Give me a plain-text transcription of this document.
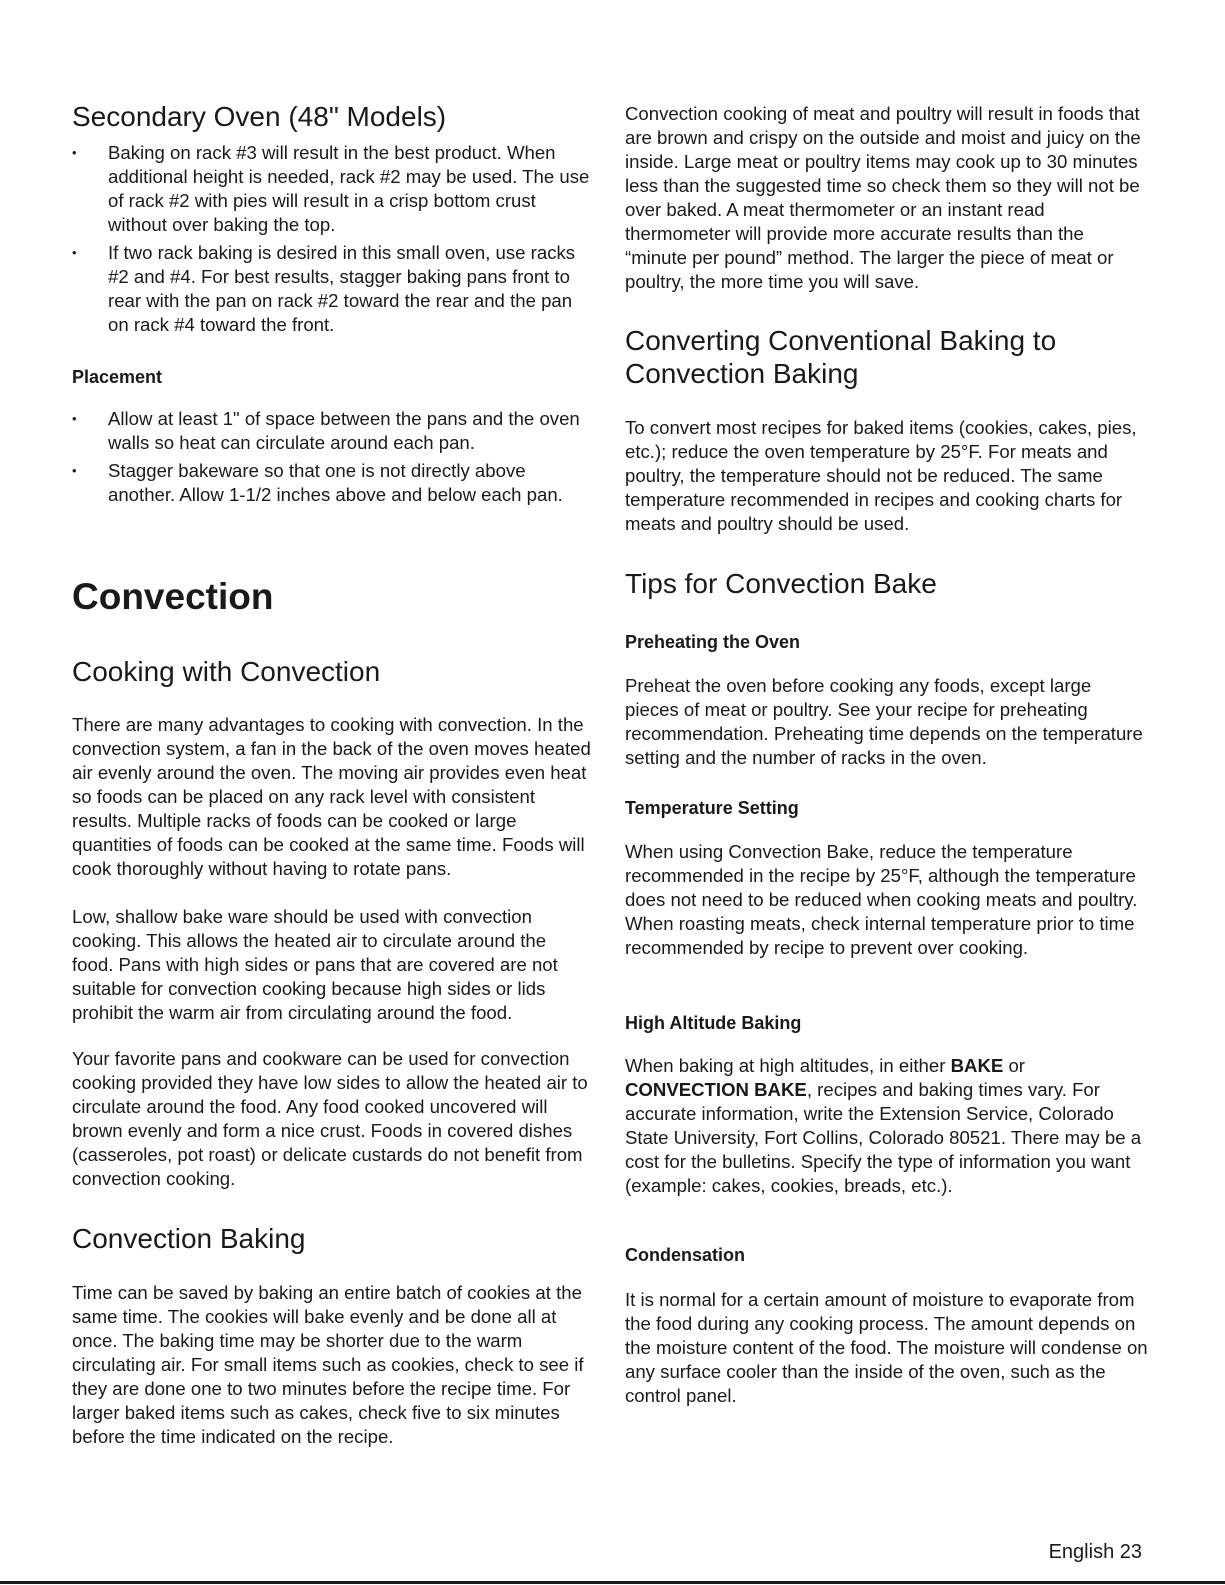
Secondary Oven (48" Models)
• Baking on rack #3 will result in the best product. When additional height is needed, rack #2 may be used. The use of rack #2 with pies will result in a crisp bottom crust without over baking the top.
• If two rack baking is desired in this small oven, use racks #2 and #4. For best results, stagger baking pans front to rear with the pan on rack #2 toward the rear and the pan on rack #4 toward the front.
Placement
• Allow at least 1" of space between the pans and the oven walls so heat can circulate around each pan.
• Stagger bakeware so that one is not directly above another. Allow 1-1/2 inches above and below each pan.
Convection
Cooking with Convection

There are many advantages to cooking with convection. In the convection system, a fan in the back of the oven moves heated air evenly around the oven. The moving air provides even heat so foods can be placed on any rack level with consistent results. Multiple racks of foods can be cooked or large quantities of foods can be cooked at the same time. Foods will cook thoroughly without having to rotate pans.

Low, shallow bake ware should be used with convection cooking. This allows the heated air to circulate around the food. Pans with high sides or pans that are covered are not suitable for convection cooking because high sides or lids prohibit the warm air from circulating around the food.

Your favorite pans and cookware can be used for convection cooking provided they have low sides to allow the heated air to circulate around the food. Any food cooked uncovered will brown evenly and form a nice crust. Foods in covered dishes (casseroles, pot roast) or delicate custards do not benefit from convection cooking.

Convection Baking

Time can be saved by baking an entire batch of cookies at the same time. The cookies will bake evenly and be done all at once. The baking time may be shorter due to the warm circulating air. For small items such as cookies, check to see if they are done one to two minutes before the recipe time. For larger baked items such as cakes, check five to six minutes before the time indicated on the recipe.

Convection cooking of meat and poultry will result in foods that are brown and crispy on the outside and moist and juicy on the inside. Large meat or poultry items may cook up to 30 minutes less than the suggested time so check them so they will not be over baked. A meat thermometer or an instant read thermometer will provide more accurate results than the “minute per pound” method. The larger the piece of meat or poultry, the more time you will save.

Converting Conventional Baking to Convection Baking

To convert most recipes for baked items (cookies, cakes, pies, etc.); reduce the oven temperature by 25°F. For meats and poultry, the temperature should not be reduced. The same temperature recommended in recipes and cooking charts for meats and poultry should be used.

Tips for Convection Bake
Preheating the Oven

Preheat the oven before cooking any foods, except large pieces of meat or poultry. See your recipe for preheating recommendation. Preheating time depends on the temperature setting and the number of racks in the oven.

Temperature Setting

When using Convection Bake, reduce the temperature recommended in the recipe by 25°F, although the temperature does not need to be reduced when cooking meats and poultry. When roasting meats, check internal temperature prior to time recommended by recipe to prevent over cooking.

High Altitude Baking

When baking at high altitudes, in either BAKE or CONVECTION BAKE, recipes and baking times vary. For accurate information, write the Extension Service, Colorado State University, Fort Collins, Colorado 80521. There may be a cost for the bulletins. Specify the type of information you want (example: cakes, cookies, breads, etc.).

Condensation

It is normal for a certain amount of moisture to evaporate from the food during any cooking process. The amount depends on the moisture content of the food. The moisture will condense on any surface cooler than the inside of the oven, such as the control panel.

English 23
